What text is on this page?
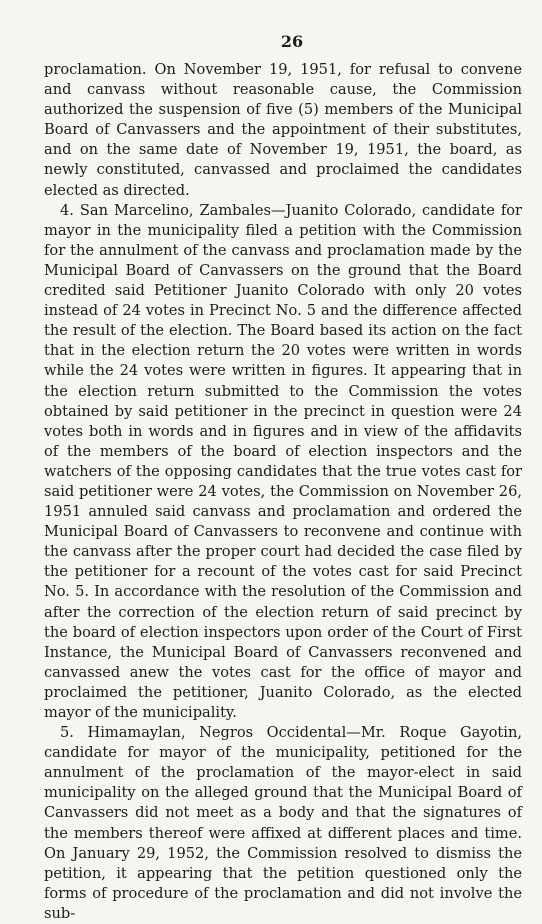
26

proclamation. On November 19, 1951, for refusal to convene and canvass without reasonable cause, the Commission authorized the suspension of five (5) members of the Municipal Board of Canvassers and the appointment of their substitutes, and on the same date of November 19, 1951, the board, as newly constituted, canvassed and proclaimed the candidates elected as directed.

4. San Marcelino, Zambales—Juanito Colorado, candidate for mayor in the municipality filed a petition with the Commission for the annulment of the canvass and proclamation made by the Municipal Board of Canvassers on the ground that the Board credited said Petitioner Juanito Colorado with only 20 votes instead of 24 votes in Precinct No. 5 and the difference affected the result of the election. The Board based its action on the fact that in the election return the 20 votes were written in words while the 24 votes were written in figures. It appearing that in the election return submitted to the Commission the votes obtained by said petitioner in the precinct in question were 24 votes both in words and in figures and in view of the affidavits of the members of the board of election inspectors and the watchers of the opposing candidates that the true votes cast for said petitioner were 24 votes, the Commission on November 26, 1951 annuled said canvass and proclamation and ordered the Municipal Board of Canvassers to reconvene and continue with the canvass after the proper court had decided the case filed by the petitioner for a recount of the votes cast for said Precinct No. 5. In accordance with the resolution of the Commission and after the correction of the election return of said precinct by the board of election inspectors upon order of the Court of First Instance, the Municipal Board of Canvassers reconvened and canvassed anew the votes cast for the office of mayor and proclaimed the petitioner, Juanito Colorado, as the elected mayor of the municipality.

5. Himamaylan, Negros Occidental—Mr. Roque Gayotin, candidate for mayor of the municipality, petitioned for the annulment of the proclamation of the mayor-elect in said municipality on the alleged ground that the Municipal Board of Canvassers did not meet as a body and that the signatures of the members thereof were affixed at different places and time. On January 29, 1952, the Commission resolved to dismiss the petition, it appearing that the petition questioned only the forms of procedure of the proclamation and did not involve the sub-
